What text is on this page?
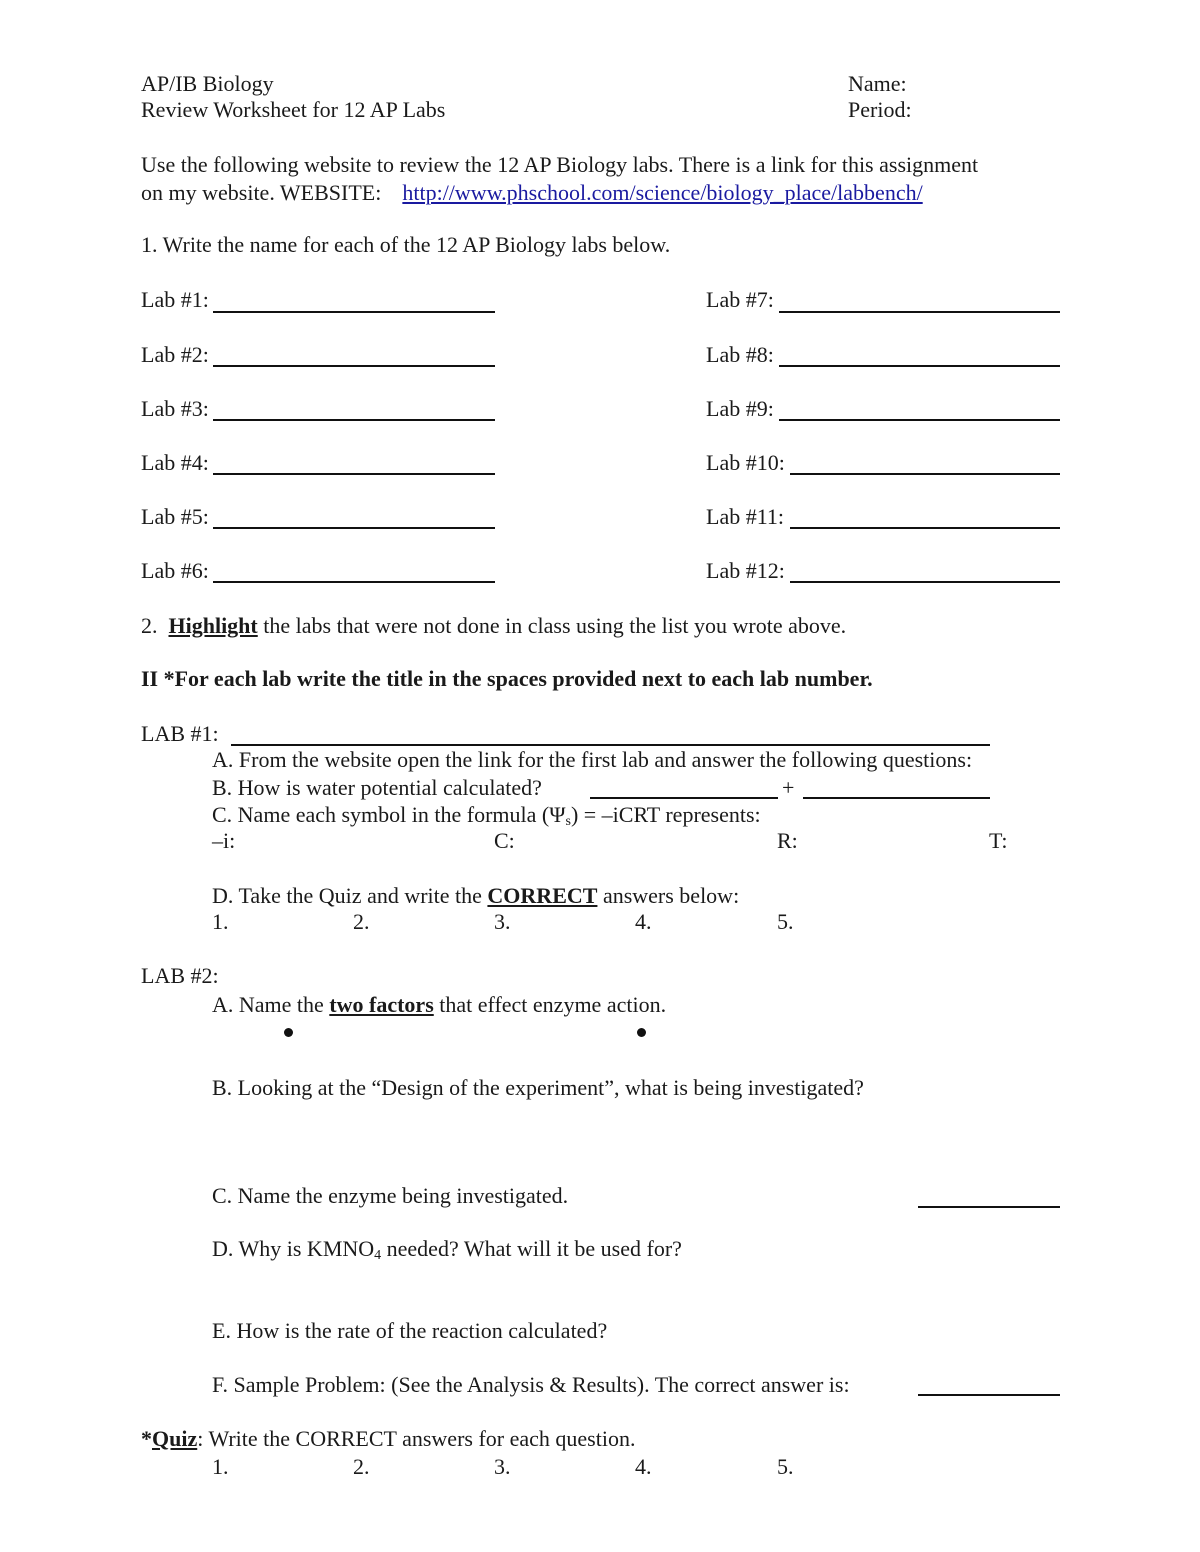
AP/IB Biology
Review Worksheet for 12 AP Labs
Name:
Period:
Use the following website to review the 12 AP Biology labs. There is a link for this assignment
on my website. WEBSITE: http://www.phschool.com/science/biology_place/labbench/
1. Write the name for each of the 12 AP Biology labs below.
Lab #1:
Lab #2:
Lab #3:
Lab #4:
Lab #5:
Lab #6:
Lab #7:
Lab #8:
Lab #9:
Lab #10:
Lab #11:
Lab #12:
2. Highlight the labs that were not done in class using the list you wrote above.
II *For each lab write the title in the spaces provided next to each lab number.
LAB #1:
A. From the website open the link for the first lab and answer the following questions:
B. How is water potential calculated?	+
C. Name each symbol in the formula $(\Psi_s)$ = –iCRT represents:
–i:	C:	R:	T:
D. Take the Quiz and write the CORRECT answers below:
1.	2.	3.	4.	5.
LAB #2:
A. Name the two factors that effect enzyme action.
B. Looking at the “Design of the experiment”, what is being investigated?
C. Name the enzyme being investigated.
D. Why is $KMNO_4$ needed? What will it be used for?
E. How is the rate of the reaction calculated?
F. Sample Problem: (See the Analysis & Results). The correct answer is:
*Quiz: Write the CORRECT answers for each question.
1.	2.	3.	4.	5.
